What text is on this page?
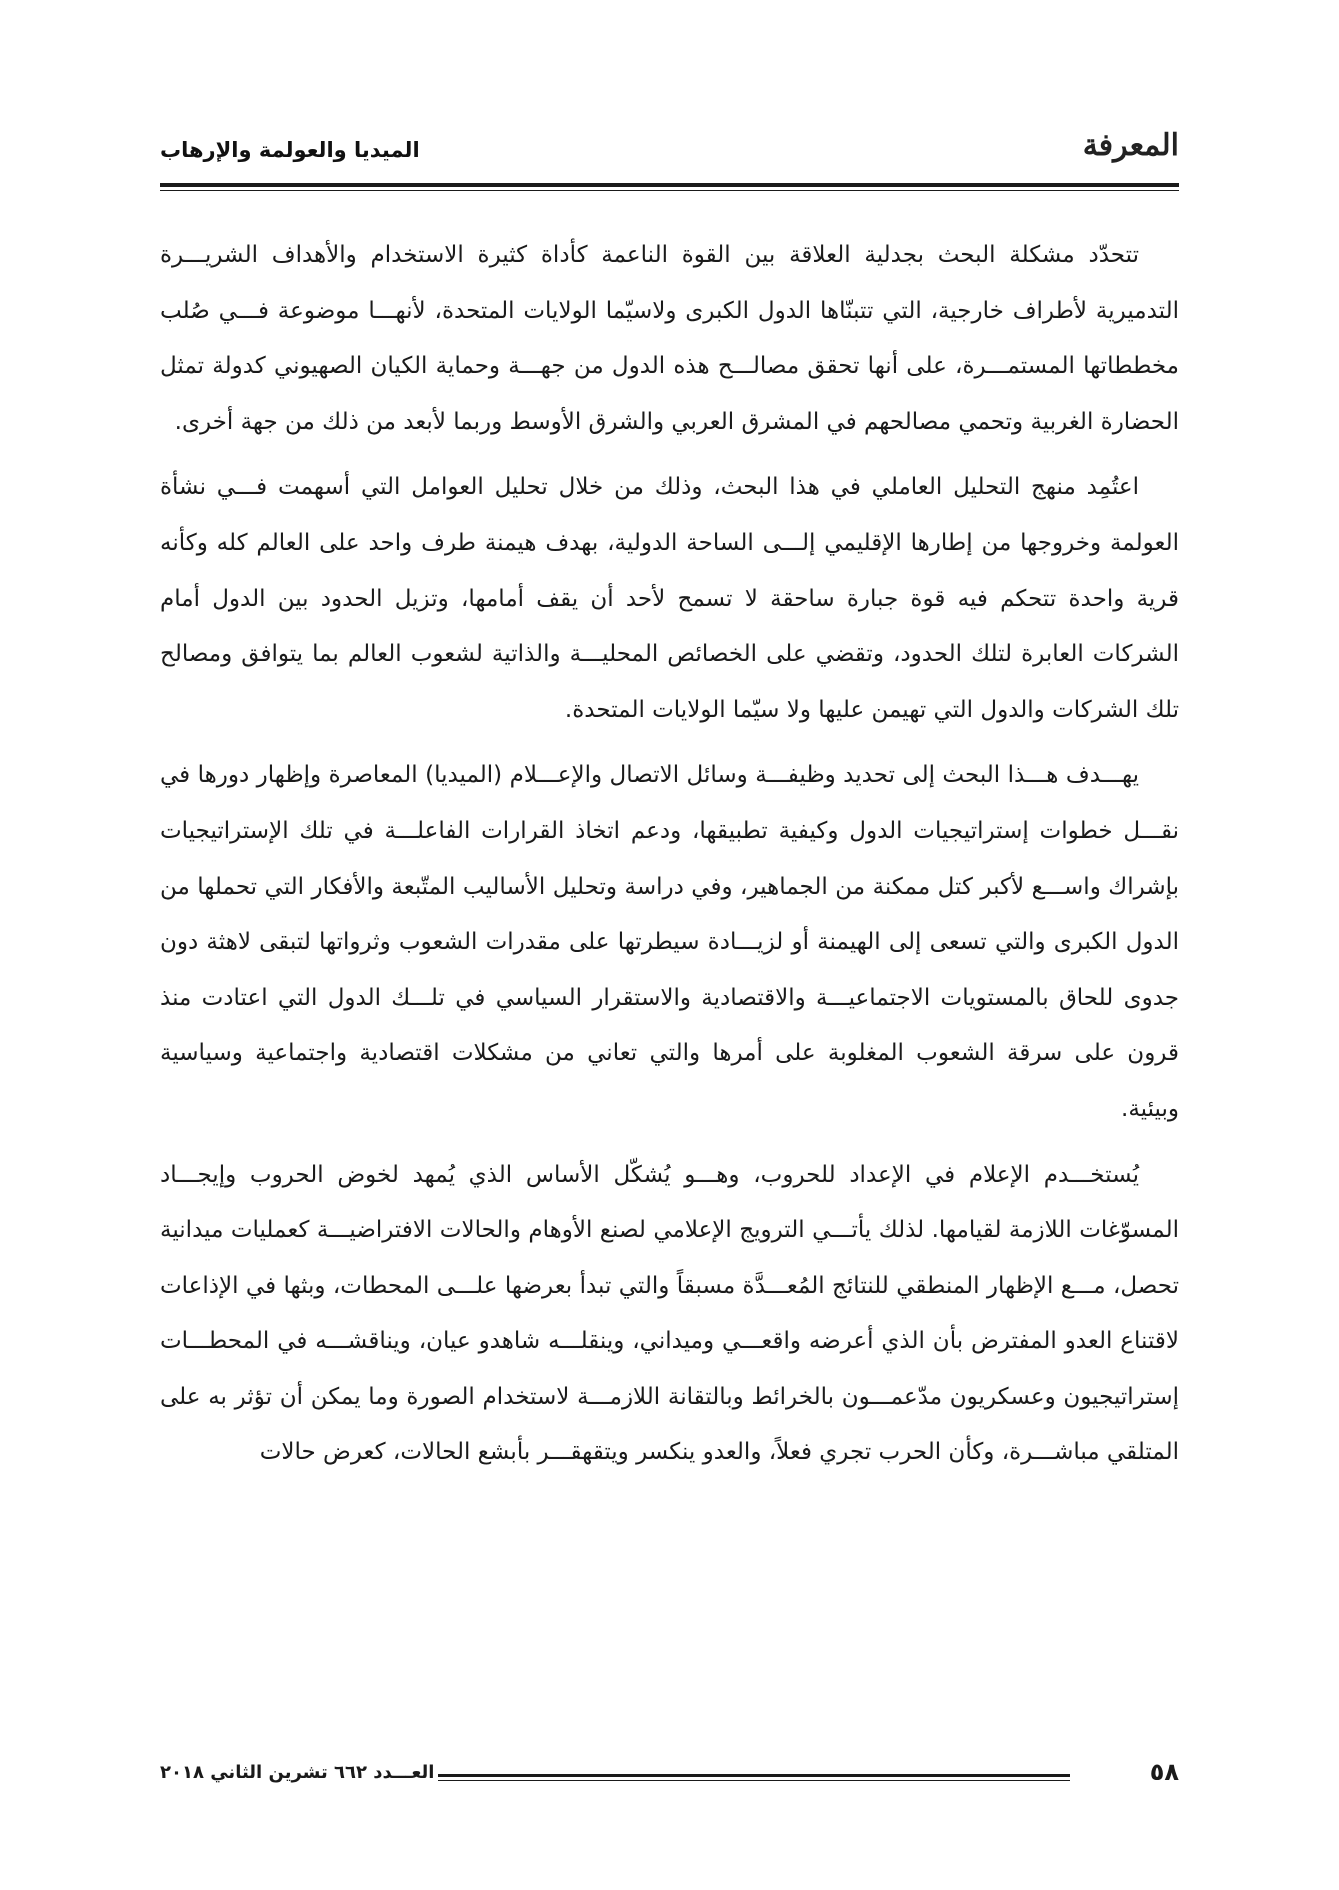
المعرفة
الميديا والعولمة والإرهاب

تتحدّد مشكلة البحث بجدلية العلاقة بين القوة الناعمة كأداة كثيرة الاستخدام والأهداف الشريـــرة التدميرية لأطراف خارجية، التي تتبنّاها الدول الكبرى ولاسيّما الولايات المتحدة، لأنهـــا موضوعة فـــي صُلب مخططاتها المستمـــرة، على أنها تحقق مصالـــح هذه الدول من جهـــة وحماية الكيان الصهيوني كدولة تمثل الحضارة الغربية وتحمي مصالحهم في المشرق العربي والشرق الأوسط وربما لأبعد من ذلك من جهة أخرى.

اعتُمِد منهج التحليل العاملي في هذا البحث، وذلك من خلال تحليل العوامل التي أسهمت فـــي نشأة العولمة وخروجها من إطارها الإقليمي إلـــى الساحة الدولية، بهدف هيمنة طرف واحد على العالم كله وكأنه قرية واحدة تتحكم فيه قوة جبارة ساحقة لا تسمح لأحد أن يقف أمامها، وتزيل الحدود بين الدول أمام الشركات العابرة لتلك الحدود، وتقضي على الخصائص المحليـــة والذاتية لشعوب العالم بما يتوافق ومصالح تلك الشركات والدول التي تهيمن عليها ولا سيّما الولايات المتحدة.

يهـــدف هـــذا البحث إلى تحديد وظيفـــة وسائل الاتصال والإعـــلام (الميديا) المعاصرة وإظهار دورها في نقـــل خطوات إستراتيجيات الدول وكيفية تطبيقها، ودعم اتخاذ القرارات الفاعلـــة في تلك الإستراتيجيات بإشراك واســـع لأكبر كتل ممكنة من الجماهير، وفي دراسة وتحليل الأساليب المتّبعة والأفكار التي تحملها من الدول الكبرى والتي تسعى إلى الهيمنة أو لزيـــادة سيطرتها على مقدرات الشعوب وثرواتها لتبقى لاهثة دون جدوى للحاق بالمستويات الاجتماعيـــة والاقتصادية والاستقرار السياسي في تلـــك الدول التي اعتادت منذ قرون على سرقة الشعوب المغلوبة على أمرها والتي تعاني من مشكلات اقتصادية واجتماعية وسياسية وبيئية.

يُستخـــدم الإعلام في الإعداد للحروب، وهـــو يُشكّل الأساس الذي يُمهد لخوض الحروب وإيجـــاد المسوّغات اللازمة لقيامها. لذلك يأتـــي الترويج الإعلامي لصنع الأوهام والحالات الافتراضيـــة كعمليات ميدانية تحصل، مـــع الإظهار المنطقي للنتائج المُعـــدَّة مسبقاً والتي تبدأ بعرضها علـــى المحطات، وبثها في الإذاعات لاقتناع العدو المفترض بأن الذي أعرضه واقعـــي وميداني، وينقلـــه شاهدو عيان، ويناقشـــه في المحطـــات إستراتيجيون وعسكريون مدّعمـــون بالخرائط وبالتقانة اللازمـــة لاستخدام الصورة وما يمكن أن تؤثر به على المتلقي مباشـــرة، وكأن الحرب تجري فعلاً، والعدو ينكسر ويتقهقـــر بأبشع الحالات، كعرض حالات

٥٨
العـــدد ٦٦٢ تشرين الثاني ٢٠١٨
